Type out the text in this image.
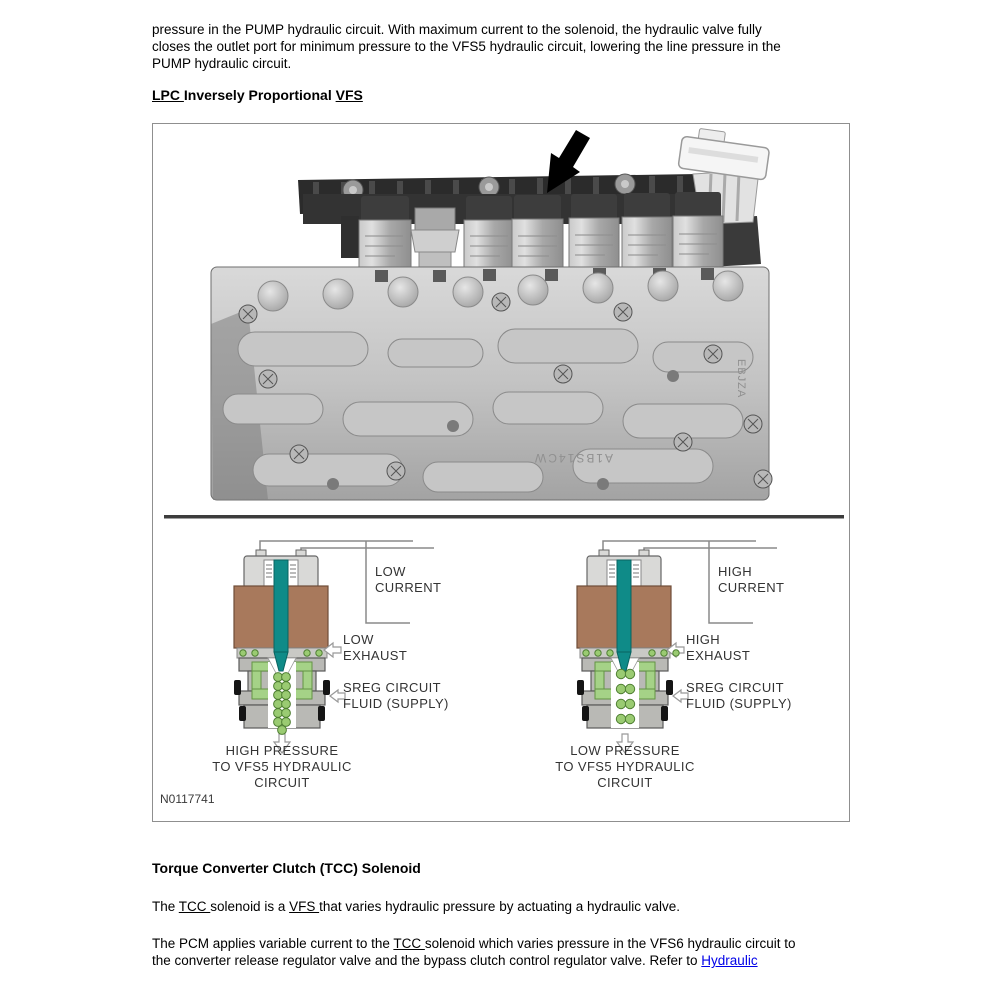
pressure in the PUMP hydraulic circuit. With maximum current to the solenoid, the hydraulic valve fully
closes the outlet port for minimum pressure to the VFS5 hydraulic circuit, lowering the line pressure in the
PUMP hydraulic circuit.
LPC Inversely Proportional VFS
A1BS14CW
EBJZA
LOW
CURRENT
HIGH
CURRENT
LOW
EXHAUST
HIGH
EXHAUST
SREG CIRCUIT
FLUID (SUPPLY)
SREG CIRCUIT
FLUID (SUPPLY)
HIGH PRESSURE
TO VFS5 HYDRAULIC
CIRCUIT
LOW PRESSURE
TO VFS5 HYDRAULIC
CIRCUIT
N0117741
Torque Converter Clutch (TCC) Solenoid
The TCC solenoid is a VFS that varies hydraulic pressure by actuating a hydraulic valve.
The PCM applies variable current to the TCC solenoid which varies pressure in the VFS6 hydraulic circuit to
the converter release regulator valve and the bypass clutch control regulator valve. Refer to Hydraulic
